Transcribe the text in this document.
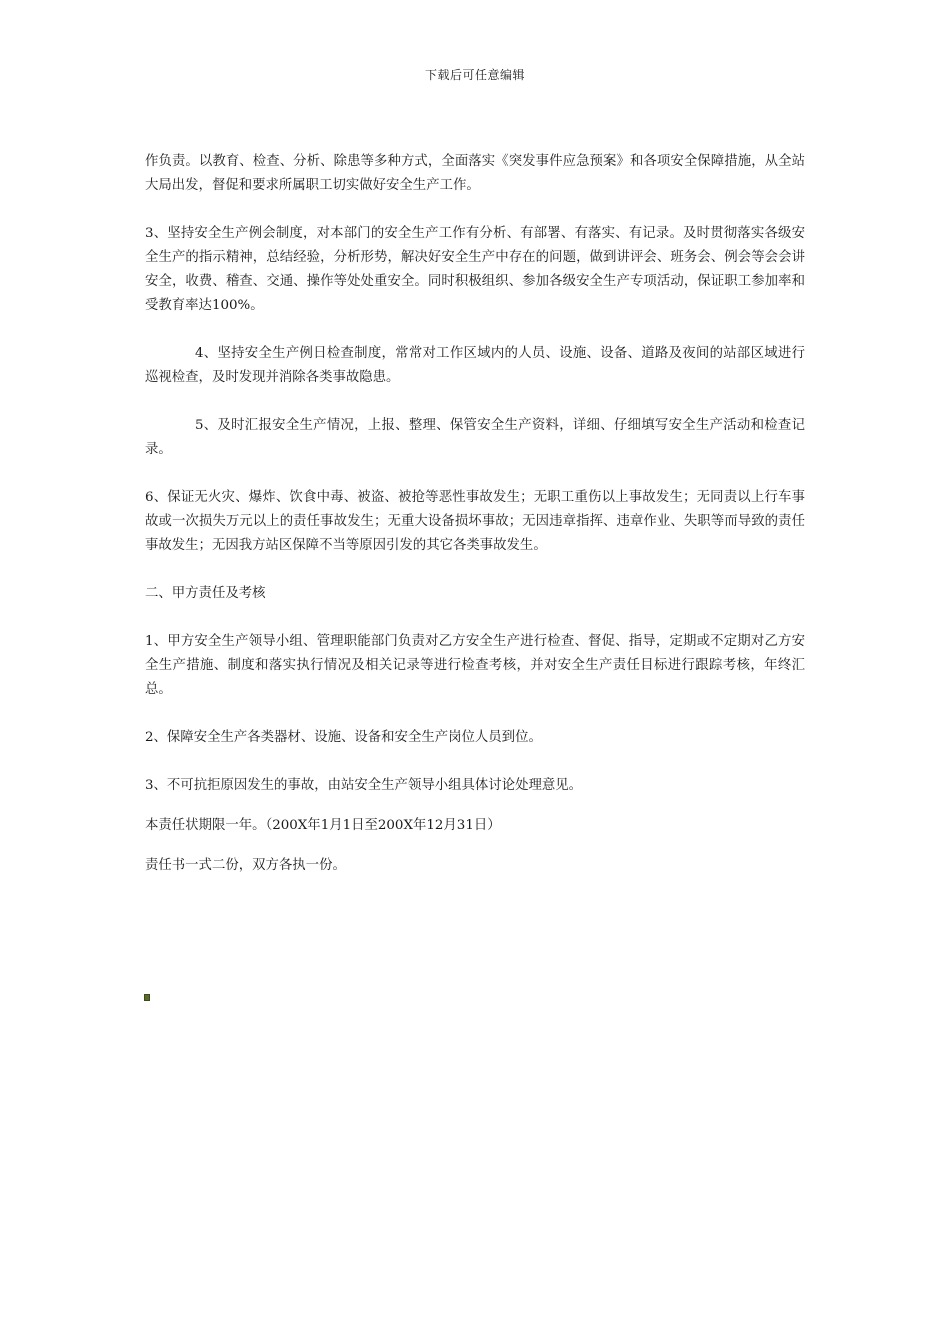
下载后可任意编辑

作负责。以教育、检查、分析、除患等多种方式，全面落实《突发事件应急预案》和各项安全保障措施，从全站大局出发，督促和要求所属职工切实做好安全生产工作。

3、坚持安全生产例会制度，对本部门的安全生产工作有分析、有部署、有落实、有记录。及时贯彻落实各级安全生产的指示精神，总结经验，分析形势，解决好安全生产中存在的问题，做到讲评会、班务会、例会等会会讲安全，收费、稽查、交通、操作等处处重安全。同时积极组织、参加各级安全生产专项活动，保证职工参加率和受教育率达100%。

4、坚持安全生产例日检查制度，常常对工作区域内的人员、设施、设备、道路及夜间的站部区域进行巡视检查，及时发现并消除各类事故隐患。

5、及时汇报安全生产情况，上报、整理、保管安全生产资料，详细、仔细填写安全生产活动和检查记录。

6、保证无火灾、爆炸、饮食中毒、被盗、被抢等恶性事故发生；无职工重伤以上事故发生；无同责以上行车事故或一次损失万元以上的责任事故发生；无重大设备损坏事故；无因违章指挥、违章作业、失职等而导致的责任事故发生；无因我方站区保障不当等原因引发的其它各类事故发生。

二、甲方责任及考核

1、甲方安全生产领导小组、管理职能部门负责对乙方安全生产进行检查、督促、指导，定期或不定期对乙方安全生产措施、制度和落实执行情况及相关记录等进行检查考核，并对安全生产责任目标进行跟踪考核，年终汇总。

2、保障安全生产各类器材、设施、设备和安全生产岗位人员到位。

3、不可抗拒原因发生的事故，由站安全生产领导小组具体讨论处理意见。

本责任状期限一年。（200X年1月1日至200X年12月31日）

责任书一式二份，双方各执一份。
